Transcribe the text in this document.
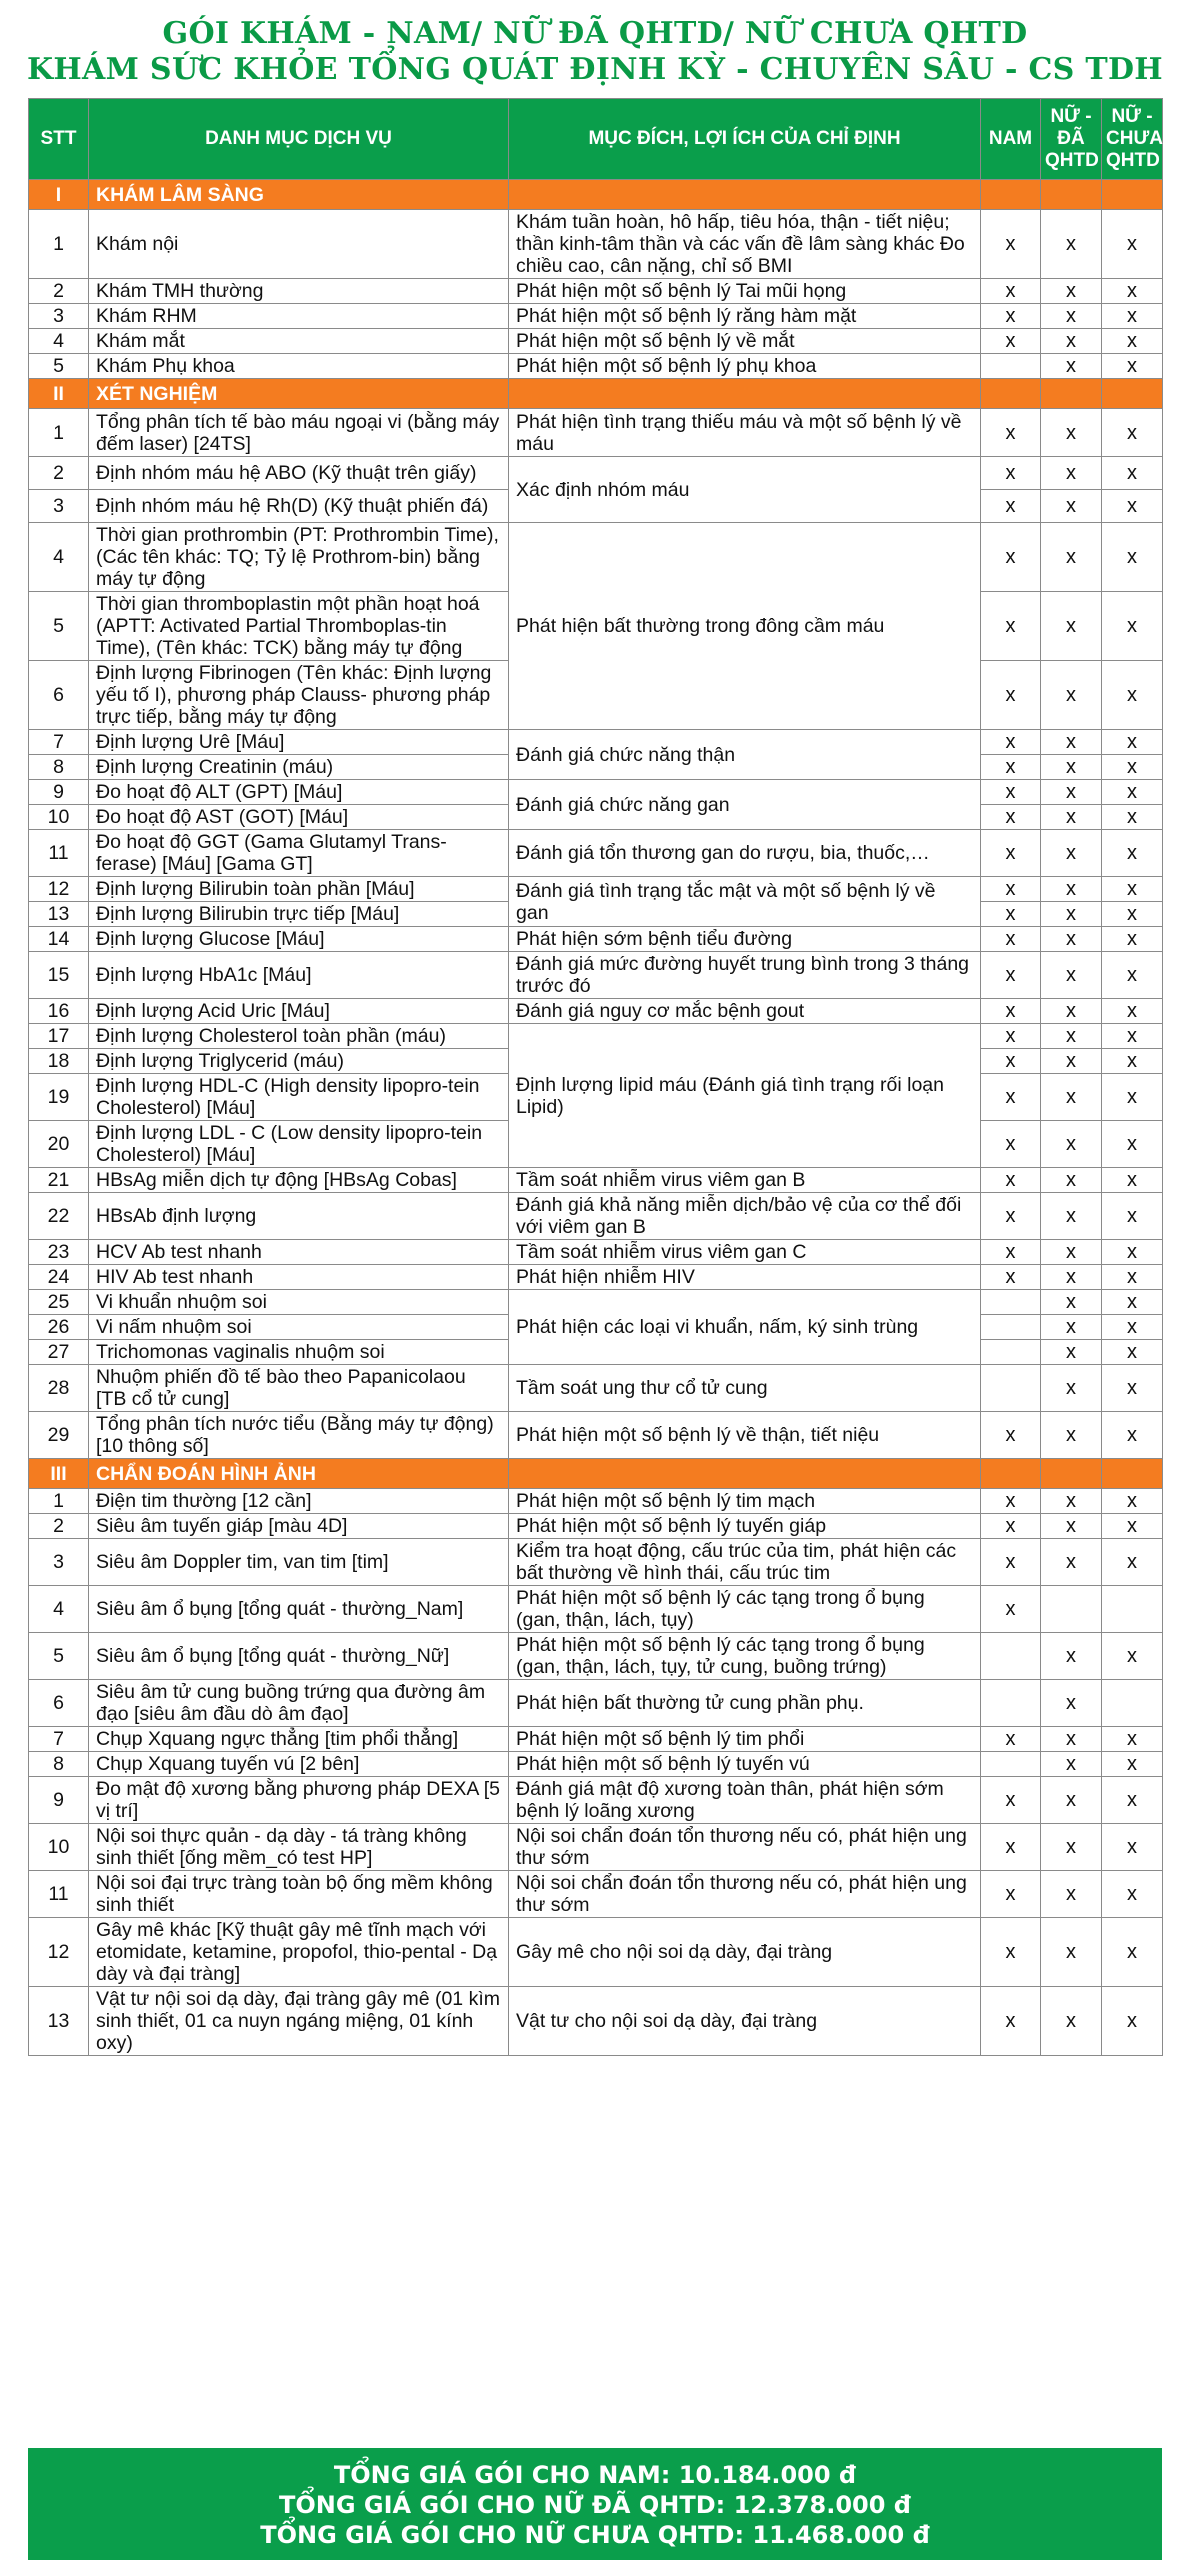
GÓI KHÁM - NAM/ NỮ ĐÃ QHTD/ NỮ CHƯA QHTD
KHÁM SỨC KHỎE TỔNG QUÁT ĐỊNH KỲ - CHUYÊN SÂU - CS TDH
STT	DANH MỤC DỊCH VỤ	MỤC ĐÍCH, LỢI ÍCH CỦA CHỈ ĐỊNH	NAM	NỮ - ĐÃ QHTD	NỮ - CHƯA QHTD
I	KHÁM LÂM SÀNG				
1	Khám nội	Khám tuần hoàn, hô hấp, tiêu hóa, thận - tiết niệu; thần kinh-tâm thần và các vấn đề lâm sàng khác Đo chiều cao, cân nặng, chỉ số BMI	x	x	x
2	Khám TMH thường	Phát hiện một số bệnh lý Tai mũi họng	x	x	x
3	Khám RHM	Phát hiện một số bệnh lý răng hàm mặt	x	x	x
4	Khám mắt	Phát hiện một số bệnh lý về mắt	x	x	x
5	Khám Phụ khoa	Phát hiện một số bệnh lý phụ khoa		x	x
II	XÉT NGHIỆM				
1	Tổng phân tích tế bào máu ngoại vi (bằng máy đếm laser) [24TS]	Phát hiện tình trạng thiếu máu và một số bệnh lý về máu	x	x	x
2	Định nhóm máu hệ ABO (Kỹ thuật trên giấy)	Xác định nhóm máu	x	x	x
3	Định nhóm máu hệ Rh(D) (Kỹ thuật phiến đá)		x	x	x
4	Thời gian prothrombin (PT: Prothrombin Time), (Các tên khác: TQ; Tỷ lệ Prothrom-bin) bằng máy tự động	Phát hiện bất thường trong đông cầm máu	x	x	x
5	Thời gian thromboplastin một phần hoạt hoá (APTT: Activated Partial Thromboplas-tin Time), (Tên khác: TCK) bằng máy tự động		x	x	x
6	Định lượng Fibrinogen (Tên khác: Định lượng yếu tố I), phương pháp Clauss- phương pháp trực tiếp, bằng máy tự động		x	x	x
7	Định lượng Urê [Máu]	Đánh giá chức năng thận	x	x	x
8	Định lượng Creatinin (máu)		x	x	x
9	Đo hoạt độ ALT (GPT) [Máu]	Đánh giá chức năng gan	x	x	x
10	Đo hoạt độ AST (GOT) [Máu]		x	x	x
11	Đo hoạt độ GGT (Gama Glutamyl Trans-ferase) [Máu] [Gama GT]	Đánh giá tổn thương gan do rượu, bia, thuốc,…	x	x	x
12	Định lượng Bilirubin toàn phần [Máu]	Đánh giá tình trạng tắc mật và một số bệnh lý về gan	x	x	x
13	Định lượng Bilirubin trực tiếp [Máu]		x	x	x
14	Định lượng Glucose [Máu]	Phát hiện sớm bệnh tiểu đường	x	x	x
15	Định lượng HbA1c [Máu]	Đánh giá mức đường huyết trung bình trong 3 tháng trước đó	x	x	x
16	Định lượng Acid Uric [Máu]	Đánh giá nguy cơ mắc bệnh gout	x	x	x
17	Định lượng Cholesterol toàn phần (máu)	Định lượng lipid máu (Đánh giá tình trạng rối loạn Lipid)	x	x	x
18	Định lượng Triglycerid (máu)		x	x	x
19	Định lượng HDL-C (High density lipopro-tein Cholesterol) [Máu]		x	x	x
20	Định lượng LDL - C (Low density lipopro-tein Cholesterol) [Máu]		x	x	x
21	HBsAg miễn dịch tự động [HBsAg Cobas]	Tầm soát nhiễm virus viêm gan B	x	x	x
22	HBsAb định lượng	Đánh giá khả năng miễn dịch/bảo vệ của cơ thể đối với viêm gan B	x	x	x
23	HCV Ab test nhanh	Tầm soát nhiễm virus viêm gan C	x	x	x
24	HIV Ab test nhanh	Phát hiện nhiễm HIV	x	x	x
25	Vi khuẩn nhuộm soi	Phát hiện các loại vi khuẩn, nấm, ký sinh trùng		x	x
26	Vi nấm nhuộm soi			x	x
27	Trichomonas vaginalis nhuộm soi			x	x
28	Nhuộm phiến đồ tế bào theo Papanicolaou [TB cổ tử cung]	Tầm soát ung thư cổ tử cung		x	x
29	Tổng phân tích nước tiểu (Bằng máy tự động) [10 thông số]	Phát hiện một số bệnh lý về thận, tiết niệu	x	x	x
III	CHẨN ĐOÁN HÌNH ẢNH				
1	Điện tim thường [12 cần]	Phát hiện một số bệnh lý tim mạch	x	x	x
2	Siêu âm tuyến giáp [màu 4D]	Phát hiện một số bệnh lý tuyến giáp	x	x	x
3	Siêu âm Doppler tim, van tim [tim]	Kiểm tra hoạt động, cấu trúc của tim, phát hiện các bất thường về hình thái, cấu trúc tim	x	x	x
4	Siêu âm ổ bụng [tổng quát - thường_Nam]	Phát hiện một số bệnh lý các tạng trong ổ bụng (gan, thận, lách, tụy)	x		
5	Siêu âm ổ bụng [tổng quát - thường_Nữ]	Phát hiện một số bệnh lý các tạng trong ổ bụng (gan, thận, lách, tụy, tử cung, buồng trứng)		x	x
6	Siêu âm tử cung buồng trứng qua đường âm đạo [siêu âm đầu dò âm đạo]	Phát hiện bất thường tử cung phần phụ.		x	
7	Chụp Xquang ngực thẳng [tim phổi thẳng]	Phát hiện một số bệnh lý tim phổi	x	x	x
8	Chụp Xquang tuyến vú [2 bên]	Phát hiện một số bệnh lý tuyến vú		x	x
9	Đo mật độ xương bằng phương pháp DEXA [5 vị trí]	Đánh giá mật độ xương toàn thân, phát hiện sớm bệnh lý loãng xương	x	x	x
10	Nội soi thực quản - dạ dày - tá tràng không sinh thiết [ống mềm_có test HP]	Nội soi chẩn đoán tổn thương nếu có, phát hiện ung thư sớm	x	x	x
11	Nội soi đại trực tràng toàn bộ ống mềm không sinh thiết	Nội soi chẩn đoán tổn thương nếu có, phát hiện ung thư sớm	x	x	x
12	Gây mê khác [Kỹ thuật gây mê tĩnh mạch với etomidate, ketamine, propofol, thio-pental - Dạ dày và đại tràng]	Gây mê cho nội soi dạ dày, đại tràng	x	x	x
13	Vật tư nội soi dạ dày, đại tràng gây mê (01 kìm sinh thiết, 01 ca nuyn ngáng miệng, 01 kính oxy)	Vật tư cho nội soi dạ dày, đại tràng	x	x	x
TỔNG GIÁ GÓI CHO NAM: 10.184.000 đ
TỔNG GIÁ GÓI CHO NỮ ĐÃ QHTD: 12.378.000 đ
TỔNG GIÁ GÓI CHO NỮ CHƯA QHTD: 11.468.000 đ
